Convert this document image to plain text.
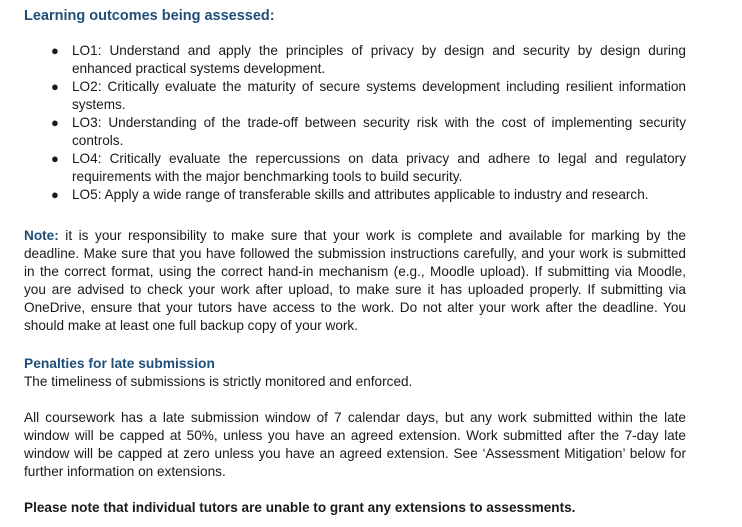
Learning outcomes being assessed:
● LO1: Understand and apply the principles of privacy by design and security by design during enhanced practical systems development.
● LO2: Critically evaluate the maturity of secure systems development including resilient information systems.
● LO3: Understanding of the trade-off between security risk with the cost of implementing security controls.
● LO4: Critically evaluate the repercussions on data privacy and adhere to legal and regulatory requirements with the major benchmarking tools to build security.
● LO5: Apply a wide range of transferable skills and attributes applicable to industry and research.

Note: it is your responsibility to make sure that your work is complete and available for marking by the deadline. Make sure that you have followed the submission instructions carefully, and your work is submitted in the correct format, using the correct hand-in mechanism (e.g., Moodle upload). If submitting via Moodle, you are advised to check your work after upload, to make sure it has uploaded properly. If submitting via OneDrive, ensure that your tutors have access to the work. Do not alter your work after the deadline. You should make at least one full backup copy of your work.

Penalties for late submission

The timeliness of submissions is strictly monitored and enforced.

All coursework has a late submission window of 7 calendar days, but any work submitted within the late window will be capped at 50%, unless you have an agreed extension. Work submitted after the 7-day late window will be capped at zero unless you have an agreed extension. See ‘Assessment Mitigation’ below for further information on extensions.

Please note that individual tutors are unable to grant any extensions to assessments.
